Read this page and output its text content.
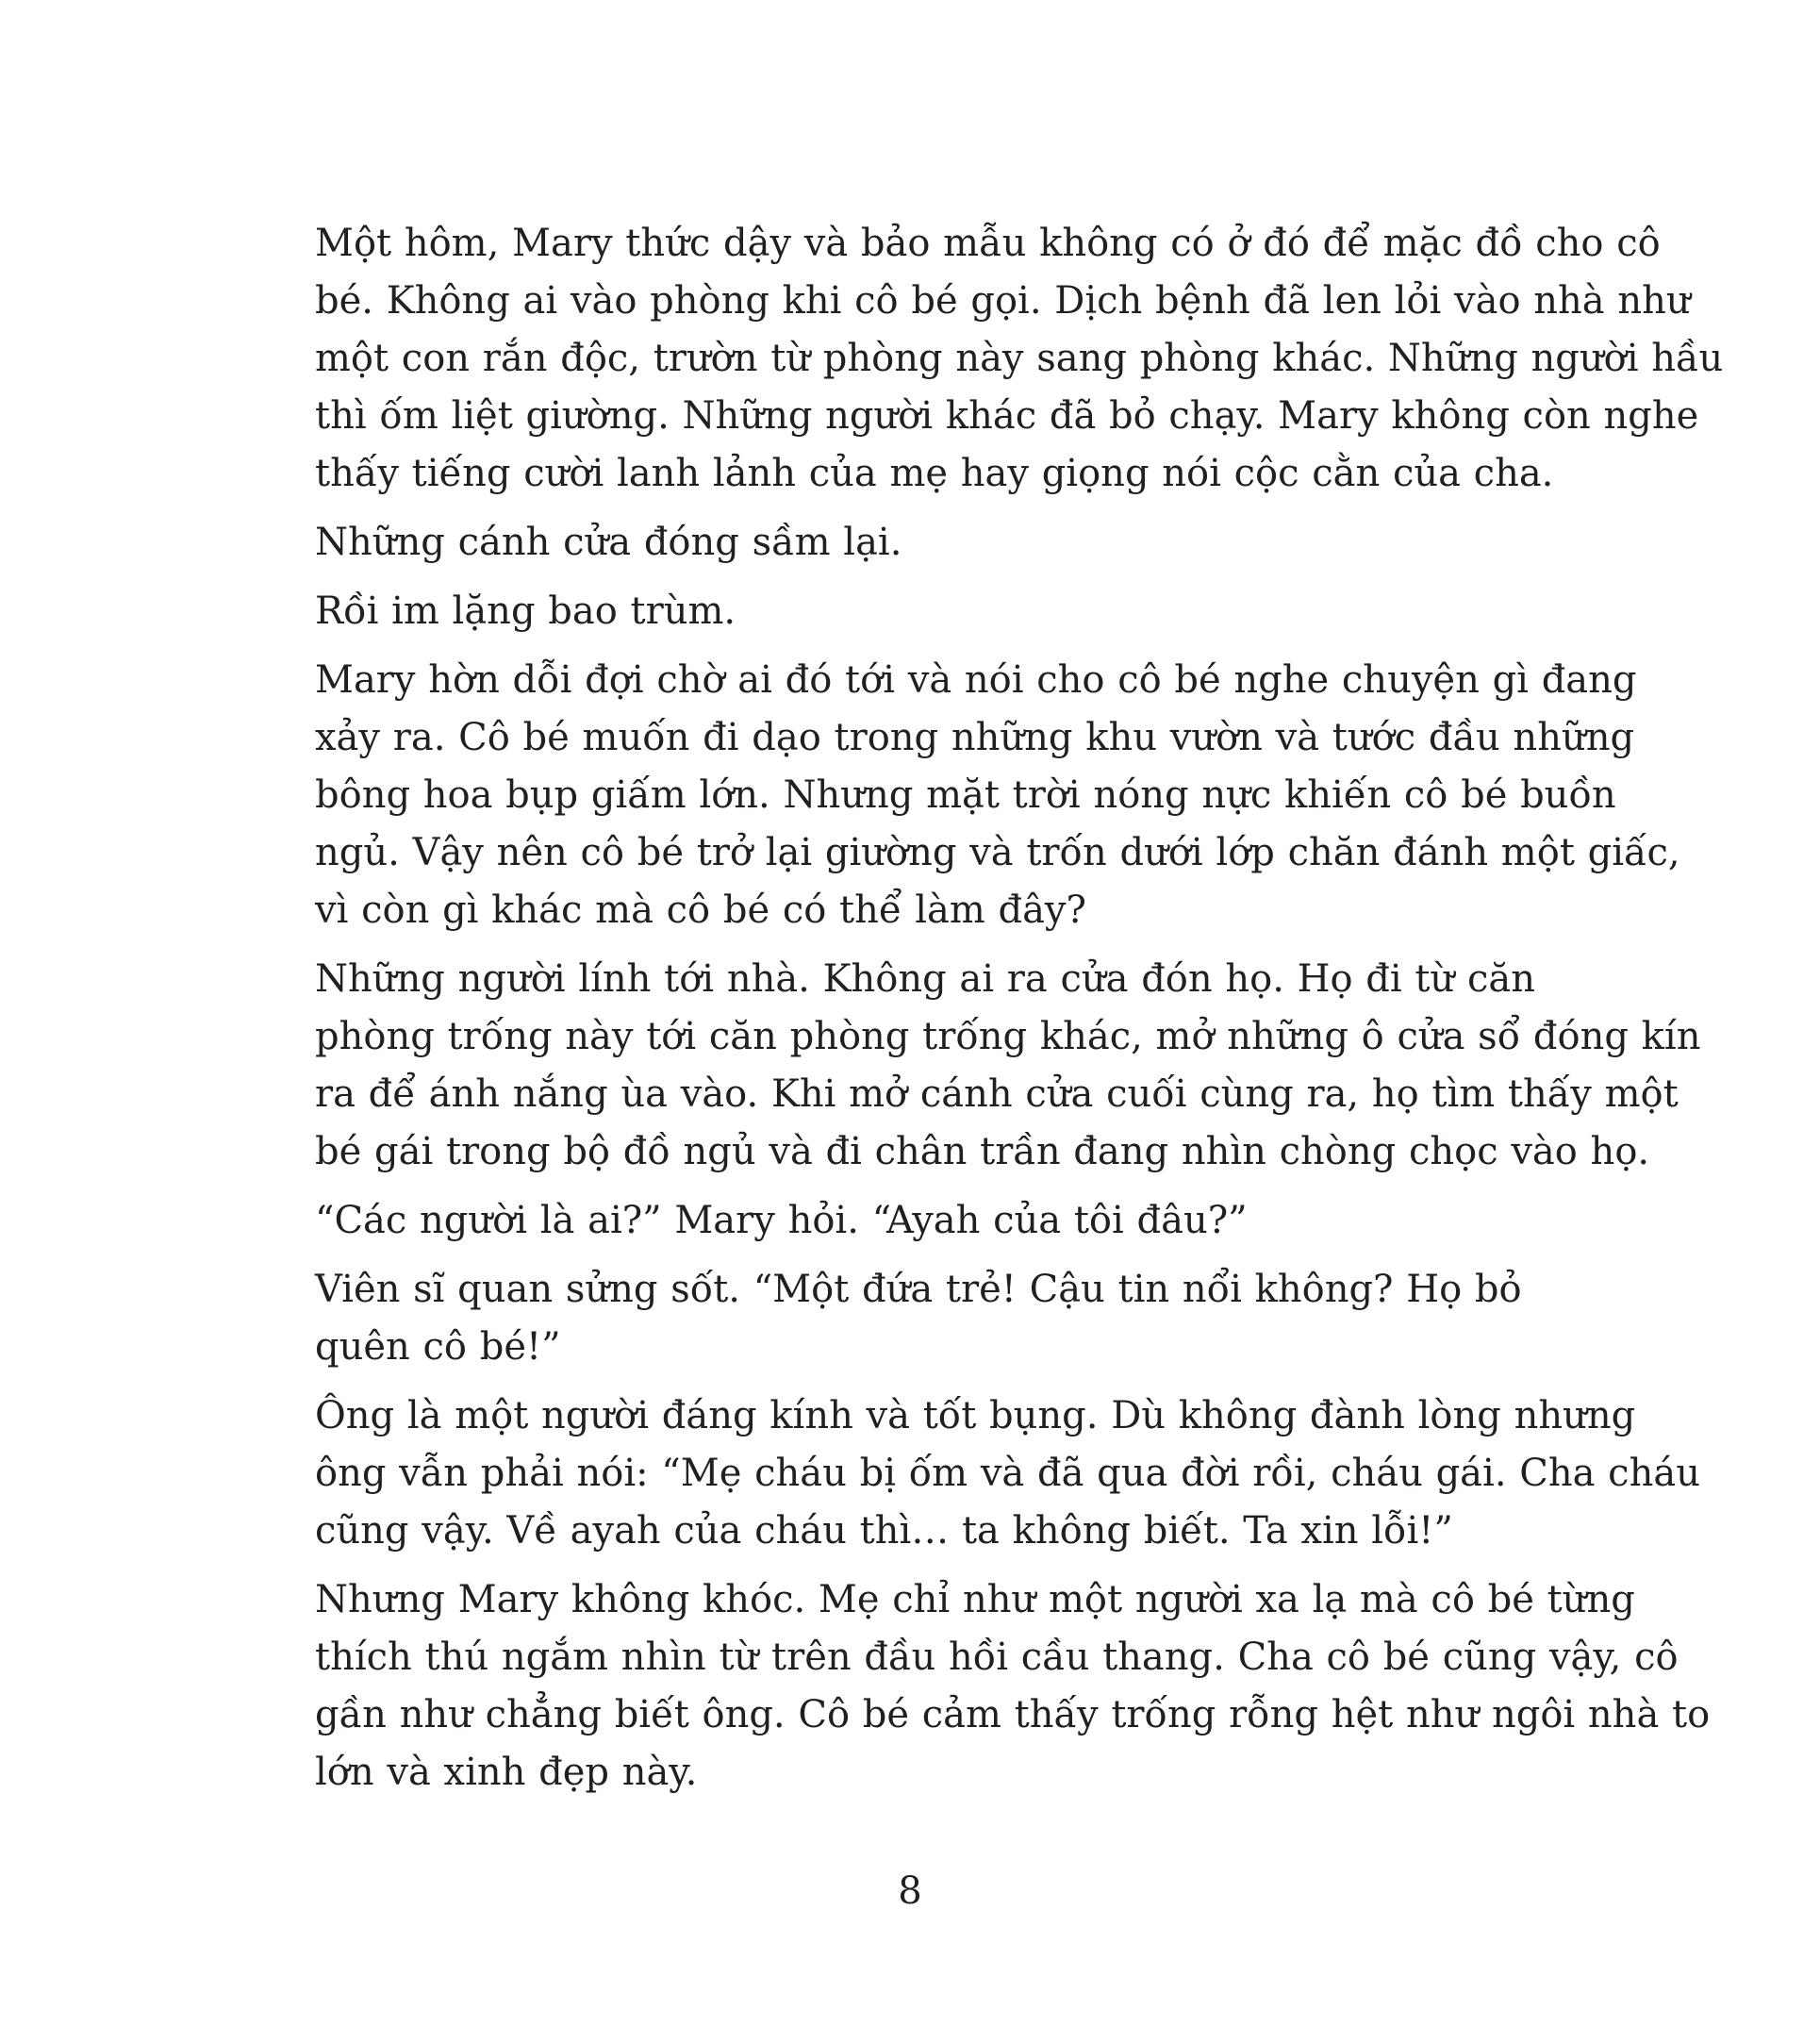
Một hôm, Mary thức dậy và bảo mẫu không có ở đó để mặc đồ cho cô
bé. Không ai vào phòng khi cô bé gọi. Dịch bệnh đã len lỏi vào nhà như
một con rắn độc, trườn từ phòng này sang phòng khác. Những người hầu
thì ốm liệt giường. Những người khác đã bỏ chạy. Mary không còn nghe
thấy tiếng cười lanh lảnh của mẹ hay giọng nói cộc cằn của cha.

Những cánh cửa đóng sầm lại.

Rồi im lặng bao trùm.

Mary hờn dỗi đợi chờ ai đó tới và nói cho cô bé nghe chuyện gì đang
xảy ra. Cô bé muốn đi dạo trong những khu vườn và tước đầu những
bông hoa bụp giấm lớn. Nhưng mặt trời nóng nực khiến cô bé buồn
ngủ. Vậy nên cô bé trở lại giường và trốn dưới lớp chăn đánh một giấc,
vì còn gì khác mà cô bé có thể làm đây?

Những người lính tới nhà. Không ai ra cửa đón họ. Họ đi từ căn
phòng trống này tới căn phòng trống khác, mở những ô cửa sổ đóng kín
ra để ánh nắng ùa vào. Khi mở cánh cửa cuối cùng ra, họ tìm thấy một
bé gái trong bộ đồ ngủ và đi chân trần đang nhìn chòng chọc vào họ.

“Các người là ai?” Mary hỏi. “Ayah của tôi đâu?”

Viên sĩ quan sửng sốt. “Một đứa trẻ! Cậu tin nổi không? Họ bỏ
quên cô bé!”

Ông là một người đáng kính và tốt bụng. Dù không đành lòng nhưng
ông vẫn phải nói: “Mẹ cháu bị ốm và đã qua đời rồi, cháu gái. Cha cháu
cũng vậy. Về ayah của cháu thì… ta không biết. Ta xin lỗi!”

Nhưng Mary không khóc. Mẹ chỉ như một người xa lạ mà cô bé từng
thích thú ngắm nhìn từ trên đầu hồi cầu thang. Cha cô bé cũng vậy, cô
gần như chẳng biết ông. Cô bé cảm thấy trống rỗng hệt như ngôi nhà to
lớn và xinh đẹp này.

8
